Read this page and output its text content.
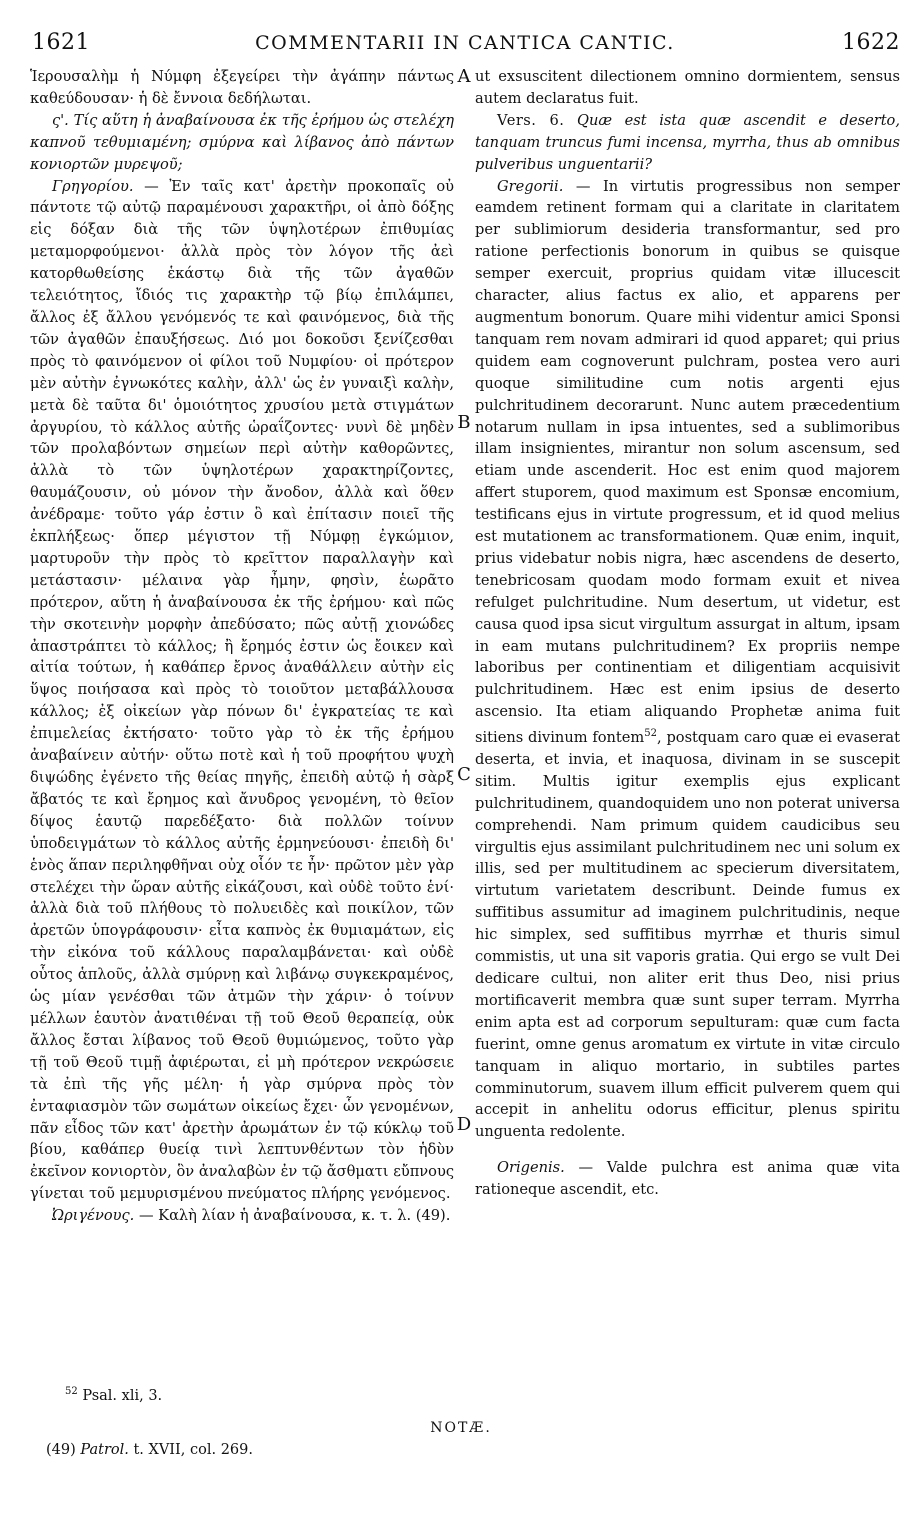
1621	COMMENTARII IN CANTICA CANTIC.	1622

Ἱερουσαλὴμ ἡ Νύμφη ἐξεγείρει τὴν ἀγάπην πάντως καθεύδουσαν· ἡ δὲ ἔννοια δεδήλωται.

ς'. Τίς αὕτη ἡ ἀναβαίνουσα ἐκ τῆς ἐρήμου ὡς στελέχη καπνοῦ τεθυμιαμένη; σμύρνα καὶ λίβανος ἀπὸ πάντων κονιορτῶν μυρεψοῦ;

Γρηγορίου. — Ἐν ταῖς κατ' ἀρετὴν προκοπαῖς οὐ πάντοτε τῷ αὐτῷ παραμένουσι χαρακτῆρι, οἱ ἀπὸ δόξης εἰς δόξαν διὰ τῆς τῶν ὑψηλοτέρων ἐπιθυμίας μεταμορφούμενοι· ἀλλὰ πρὸς τὸν λόγον τῆς ἀεὶ κατορθωθείσης ἑκάστῳ διὰ τῆς τῶν ἀγαθῶν τελειότητος, ἴδιός τις χαρακτὴρ τῷ βίῳ ἐπιλάμπει, ἄλλος ἐξ ἄλλου γενόμενός τε καὶ φαινόμενος, διὰ τῆς τῶν ἀγαθῶν ἐπαυξήσεως. Διό μοι δοκοῦσι ξενίζεσθαι πρὸς τὸ φαινόμενον οἱ φίλοι τοῦ Νυμφίου· οἱ πρότερον μὲν αὐτὴν ἐγνωκότες καλὴν, ἀλλ' ὡς ἐν γυναιξὶ καλὴν, μετὰ δὲ ταῦτα δι' ὁμοιότητος χρυσίου μετὰ στιγμάτων ἀργυρίου, τὸ κάλλος αὐτῆς ὡραΐζοντες· νυνὶ δὲ μηδὲν τῶν προλαβόντων σημείων περὶ αὐτὴν καθορῶντες, ἀλλὰ τὸ τῶν ὑψηλοτέρων χαρακτηρίζοντες, θαυμάζουσιν, οὐ μόνον τὴν ἄνοδον, ἀλλὰ καὶ ὅθεν ἀνέδραμε· τοῦτο γάρ ἐστιν ὃ καὶ ἐπίτασιν ποιεῖ τῆς ἐκπλήξεως· ὅπερ μέγιστον τῇ Νύμφῃ ἐγκώμιον, μαρτυροῦν τὴν πρὸς τὸ κρεῖττον παραλλαγὴν καὶ μετάστασιν· μέλαινα γὰρ ἦμην, φησὶν, ἑωρᾶτο πρότερον, αὕτη ἡ ἀναβαίνουσα ἐκ τῆς ἐρήμου· καὶ πῶς τὴν σκοτεινὴν μορφὴν ἀπεδύσατο; πῶς αὐτῇ χιονώδες ἀπαστράπτει τὸ κάλλος; ἢ ἔρημός ἐστιν ὡς ἔοικεν καὶ αἰτία τούτων, ἡ καθάπερ ἔρνος ἀναθάλλειν αὐτὴν εἰς ὕψος ποιήσασα καὶ πρὸς τὸ τοιοῦτον μεταβάλλουσα κάλλος; ἐξ οἰκείων γὰρ πόνων δι' ἐγκρατείας τε καὶ ἐπιμελείας ἐκτήσατο· τοῦτο γὰρ τὸ ἐκ τῆς ἐρήμου ἀναβαίνειν αὐτήν· οὕτω ποτὲ καὶ ἡ τοῦ προφήτου ψυχὴ διψώδης ἐγένετο τῆς θείας πηγῆς, ἐπειδὴ αὐτῷ ἡ σὰρξ ἄβατός τε καὶ ἔρημος καὶ ἄνυδρος γενομένη, τὸ θεῖον δίψος ἑαυτῷ παρεδέξατο· διὰ πολλῶν τοίνυν ὑποδειγμάτων τὸ κάλλος αὐτῆς ἑρμηνεύουσι· ἐπειδὴ δι' ἑνὸς ἅπαν περιληφθῆναι οὐχ οἷόν τε ἦν· πρῶτον μὲν γὰρ στελέχει τὴν ὥραν αὐτῆς εἰκάζουσι, καὶ οὐδὲ τοῦτο ἑνί· ἀλλὰ διὰ τοῦ πλήθους τὸ πολυειδὲς καὶ ποικίλον, τῶν ἀρετῶν ὑπογράφουσιν· εἶτα καπνὸς ἐκ θυμιαμάτων, εἰς τὴν εἰκόνα τοῦ κάλλους παραλαμβάνεται· καὶ οὐδὲ οὗτος ἁπλοῦς, ἀλλὰ σμύρνῃ καὶ λιβάνῳ συγκεκραμένος, ὡς μίαν γενέσθαι τῶν ἀτμῶν τὴν χάριν· ὁ τοίνυν μέλλων ἑαυτὸν ἀνατιθέναι τῇ τοῦ Θεοῦ θεραπείᾳ, οὐκ ἄλλος ἔσται λίβανος τοῦ Θεοῦ θυμιώμενος, τοῦτο γὰρ τῇ τοῦ Θεοῦ τιμῇ ἀφιέρωται, εἰ μὴ πρότερον νεκρώσειε τὰ ἐπὶ τῆς γῆς μέλη· ἡ γὰρ σμύρνα πρὸς τὸν ἐνταφιασμὸν τῶν σωμάτων οἰκείως ἔχει· ὧν γενομένων, πᾶν εἶδος τῶν κατ' ἀρετὴν ἀρωμάτων ἐν τῷ κύκλῳ τοῦ βίου, καθάπερ θυείᾳ τινὶ λεπτυνθέντων τὸν ἡδὺν ἐκεῖνον κονιορτὸν, ὃν ἀναλαβὼν ἐν τῷ ἄσθματι εὔπνους γίνεται τοῦ μεμυρισμένου πνεύματος πλήρης γενόμενος.

Ὠριγένους. — Καλὴ λίαν ἡ ἀναβαίνουσα, κ. τ. λ. (49).

A
B
C
D

ut exsuscitent dilectionem omnino dormientem, sensus autem declaratus fuit.

Vers. 6. Quæ est ista quæ ascendit e deserto, tanquam truncus fumi incensa, myrrha, thus ab omnibus pulveribus unguentarii?

Gregorii. — In virtutis progressibus non semper eamdem retinent formam qui a claritate in claritatem per sublimiorum desideria transformantur, sed pro ratione perfectionis bonorum in quibus se quisque semper exercuit, proprius quidam vitæ illucescit character, alius factus ex alio, et apparens per augmentum bonorum. Quare mihi videntur amici Sponsi tanquam rem novam admirari id quod apparet; qui prius quidem eam cognoverunt pulchram, postea vero auri quoque similitudine cum notis argenti ejus pulchritudinem decorarunt. Nunc autem præcedentium notarum nullam in ipsa intuentes, sed a sublimoribus illam insignientes, mirantur non solum ascensum, sed etiam unde ascenderit. Hoc est enim quod majorem affert stuporem, quod maximum est Sponsæ encomium, testificans ejus in virtute progressum, et id quod melius est mutationem ac transformationem. Quæ enim, inquit, prius videbatur nobis nigra, hæc ascendens de deserto, tenebricosam quodam modo formam exuit et nivea refulget pulchritudine. Num desertum, ut videtur, est causa quod ipsa sicut virgultum assurgat in altum, ipsam in eam mutans pulchritudinem? Ex propriis nempe laboribus per continentiam et diligentiam acquisivit pulchritudinem. Hæc est enim ipsius de deserto ascensio. Ita etiam aliquando Prophetæ anima fuit sitiens divinum fontem$^{52}$, postquam caro quæ ei evaserat deserta, et invia, et inaquosa, divinam in se suscepit sitim. Multis igitur exemplis ejus explicant pulchritudinem, quandoquidem uno non poterat universa comprehendi. Nam primum quidem caudicibus seu virgultis ejus assimilant pulchritudinem nec uni solum ex illis, sed per multitudinem ac specierum diversitatem, virtutum varietatem describunt. Deinde fumus ex suffitibus assumitur ad imaginem pulchritudinis, neque hic simplex, sed suffitibus myrrhæ et thuris simul commistis, ut una sit vaporis gratia. Qui ergo se vult Dei dedicare cultui, non aliter erit thus Deo, nisi prius mortificaverit membra quæ sunt super terram. Myrrha enim apta est ad corporum sepulturam: quæ cum facta fuerint, omne genus aromatum ex virtute in vitæ circulo tanquam in aliquo mortario, in subtiles partes comminutorum, suavem illum efficit pulverem quem qui accepit in anhelitu odorus efficitur, plenus spiritu unguenta redolente.

Origenis. — Valde pulchra est anima quæ vita rationeque ascendit, etc.

$^{52}$ Psal. xli, 3.
NOTÆ.
(49) Patrol. t. XVII, col. 269.
